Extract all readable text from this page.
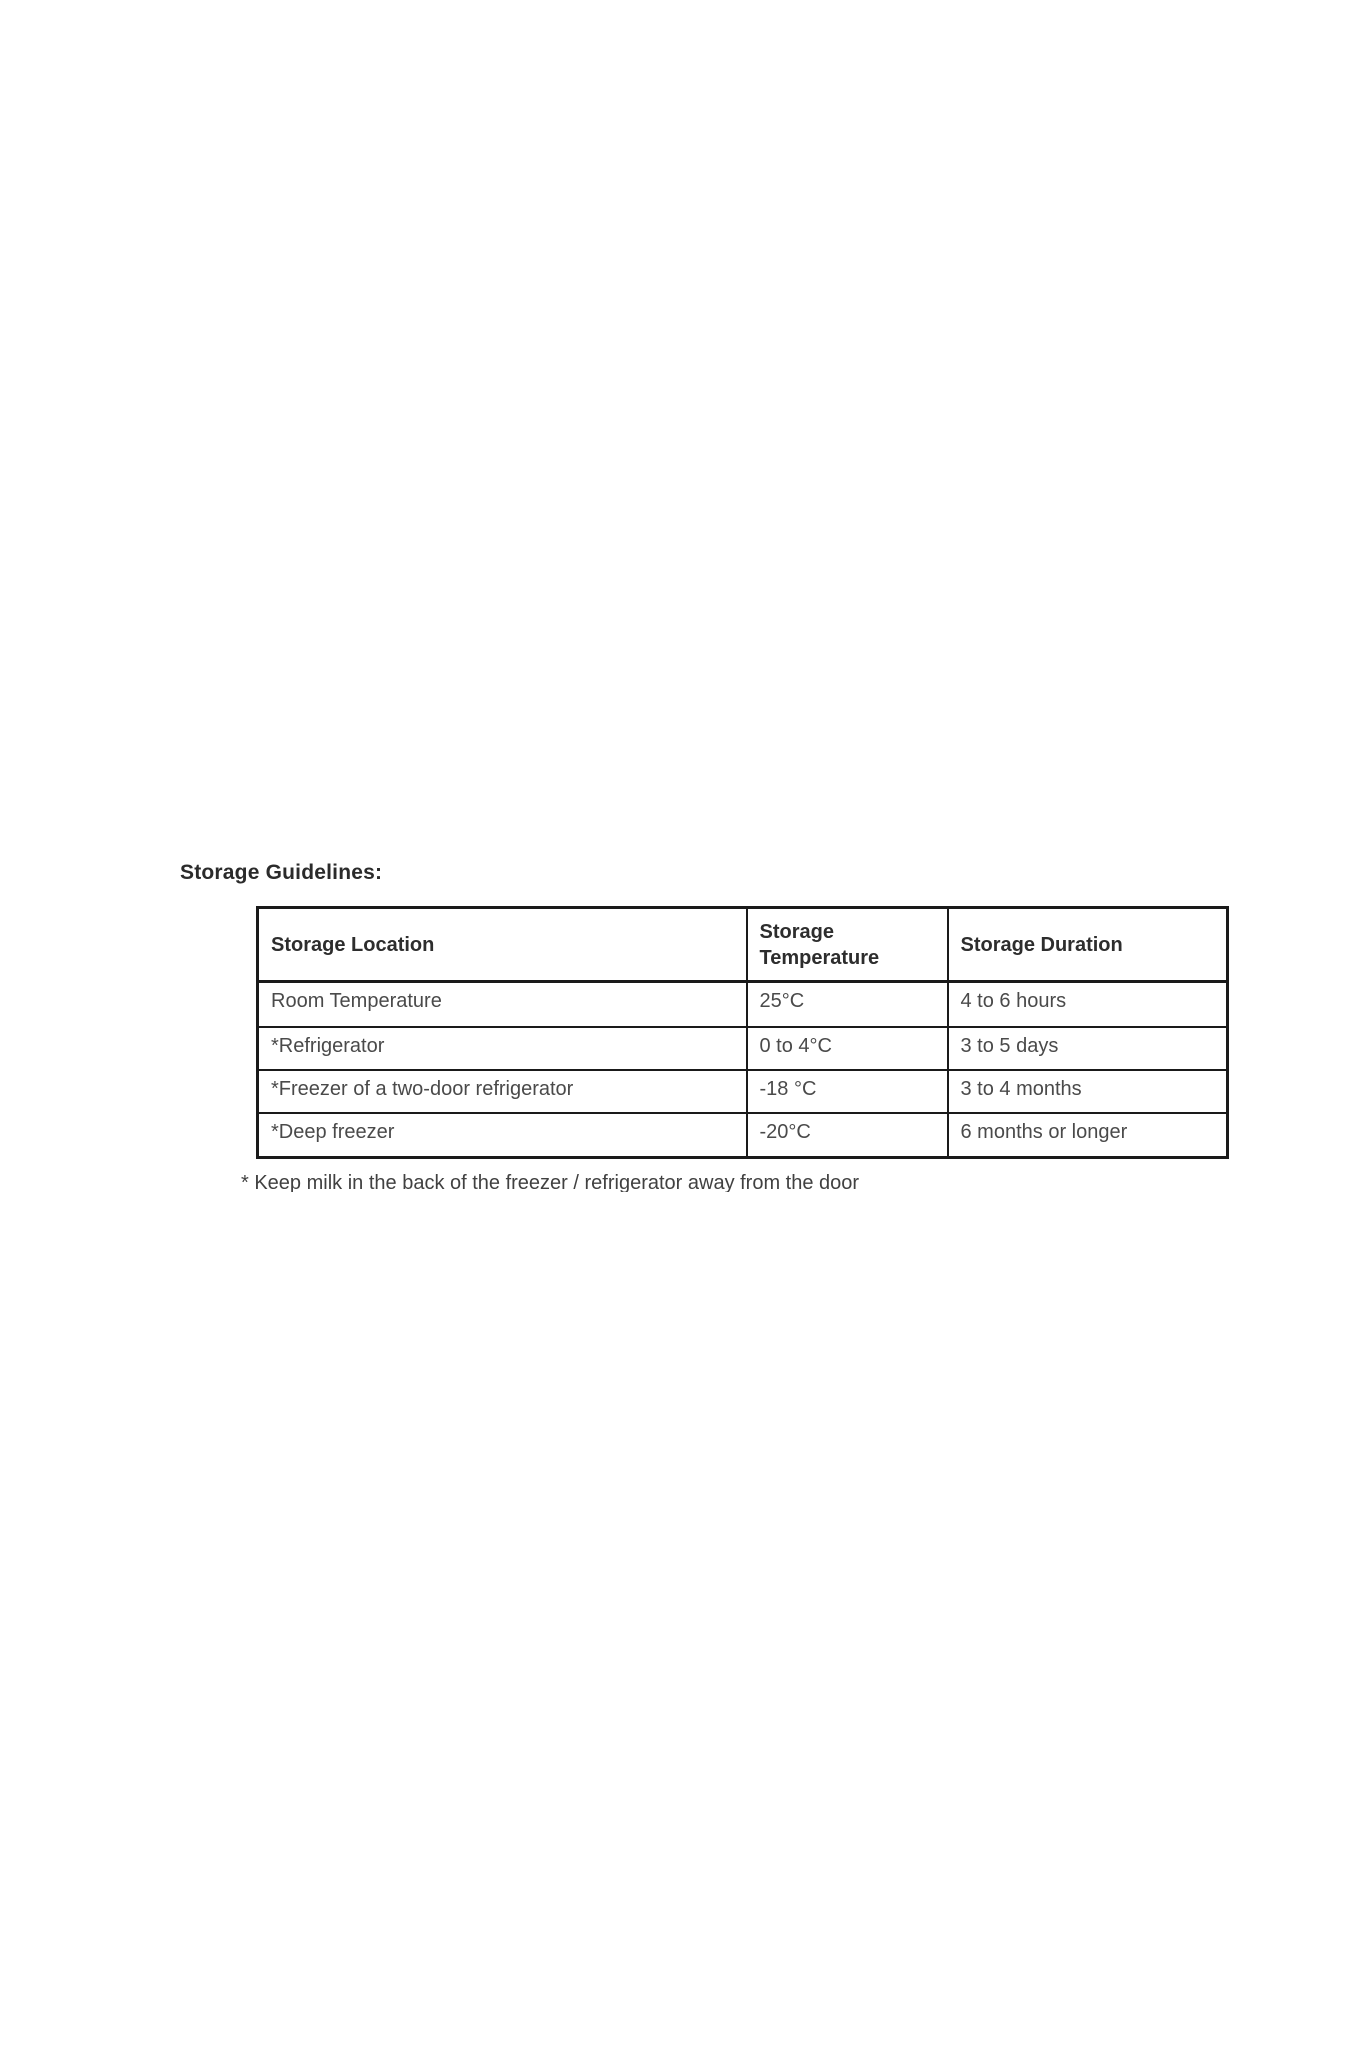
Storage Guidelines:
Storage Location	Storage Temperature	Storage Duration
Room Temperature	25°C	4 to 6 hours
*Refrigerator	0 to 4°C	3 to 5 days
*Freezer of a two-door refrigerator	-18 °C	3 to 4 months
*Deep freezer	-20°C	6 months or longer
* Keep milk in the back of the freezer / refrigerator away from the door
